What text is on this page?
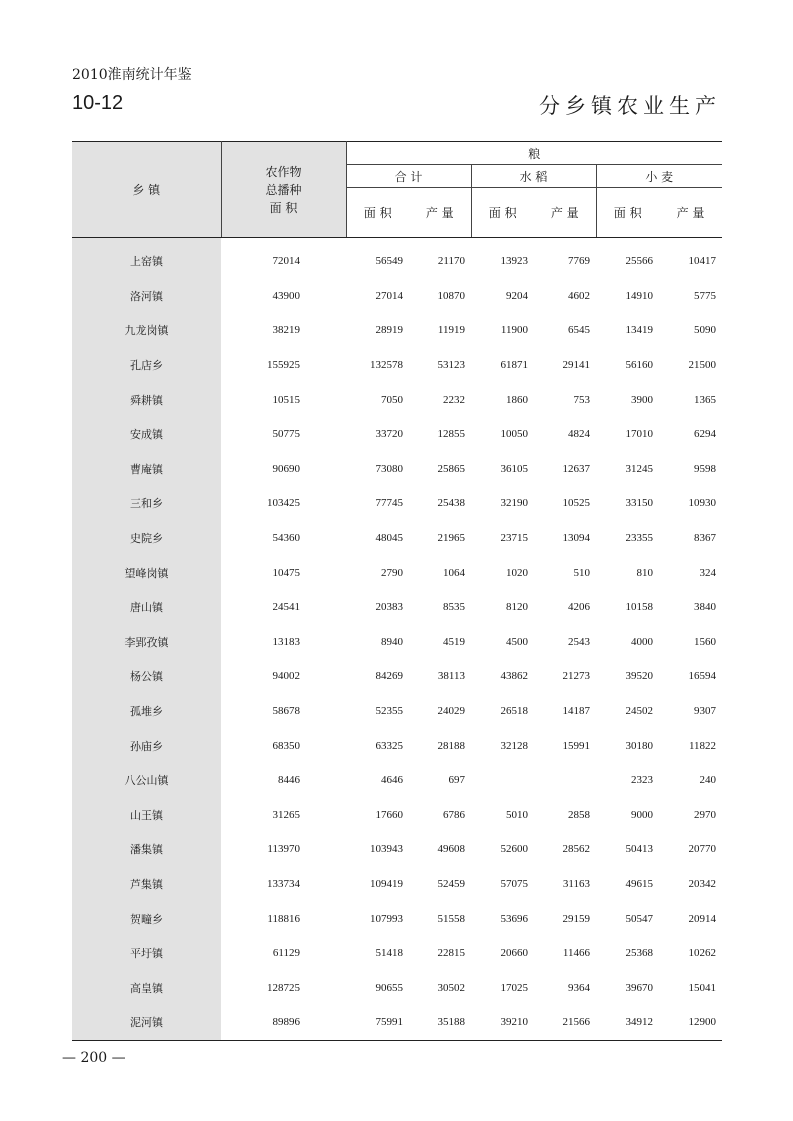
2010淮南统计年鉴
10-12	分乡镇农业生产
乡 镇	农作物
总播种
面 积	粮					
		合 计		水 稻		小 麦	
		面 积	产 量	面 积	产 量	面 积	产 量
上窑镇	72014	56549	21170	13923	7769	25566	10417
洛河镇	43900	27014	10870	9204	4602	14910	5775
九龙岗镇	38219	28919	11919	11900	6545	13419	5090
孔店乡	155925	132578	53123	61871	29141	56160	21500
舜耕镇	10515	7050	2232	1860	753	3900	1365
安成镇	50775	33720	12855	10050	4824	17010	6294
曹庵镇	90690	73080	25865	36105	12637	31245	9598
三和乡	103425	77745	25438	32190	10525	33150	10930
史院乡	54360	48045	21965	23715	13094	23355	8367
望峰岗镇	10475	2790	1064	1020	510	810	324
唐山镇	24541	20383	8535	8120	4206	10158	3840
李郢孜镇	13183	8940	4519	4500	2543	4000	1560
杨公镇	94002	84269	38113	43862	21273	39520	16594
孤堆乡	58678	52355	24029	26518	14187	24502	9307
孙庙乡	68350	63325	28188	32128	15991	30180	11822
八公山镇	8446	4646	697			2323	240
山王镇	31265	17660	6786	5010	2858	9000	2970
潘集镇	113970	103943	49608	52600	28562	50413	20770
芦集镇	133734	109419	52459	57075	31163	49615	20342
贺疃乡	118816	107993	51558	53696	29159	50547	20914
平圩镇	61129	51418	22815	20660	11466	25368	10262
高皇镇	128725	90655	30502	17025	9364	39670	15041
泥河镇	89896	75991	35188	39210	21566	34912	12900
— 200 —
